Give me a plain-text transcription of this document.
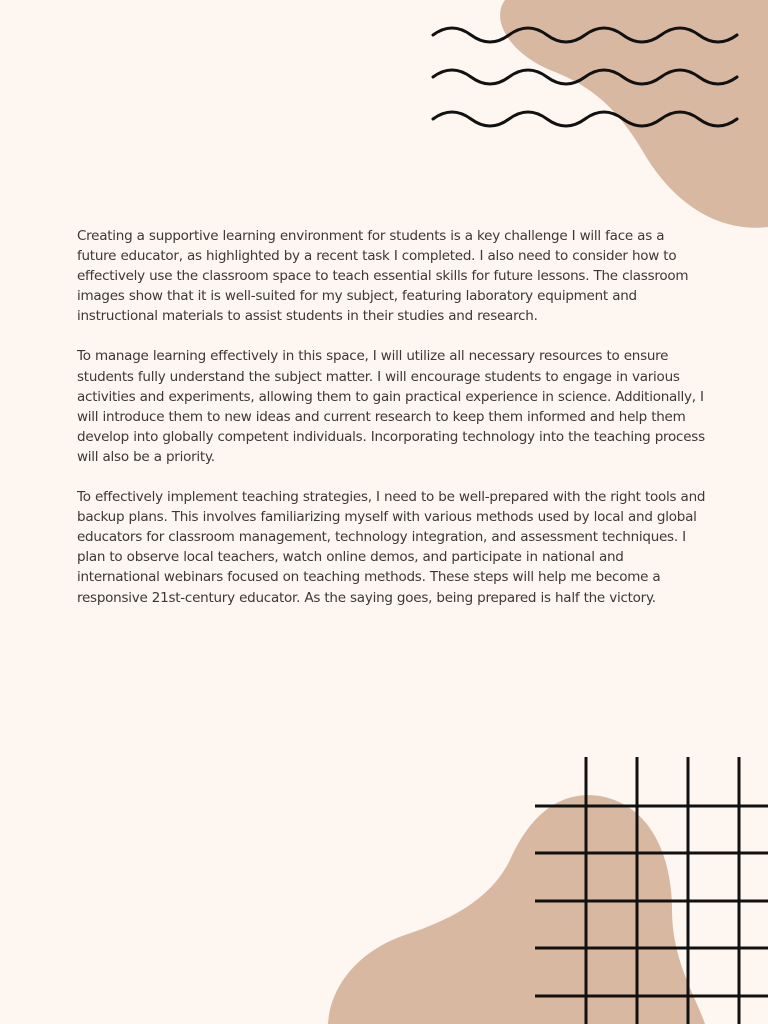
Creating a supportive learning environment for students is a key challenge I will face as a future educator, as highlighted by a recent task I completed. I also need to consider how to effectively use the classroom space to teach essential skills for future lessons. The classroom images show that it is well-suited for my subject, featuring laboratory equipment and instructional materials to assist students in their studies and research.

To manage learning effectively in this space, I will utilize all necessary resources to ensure students fully understand the subject matter. I will encourage students to engage in various activities and experiments, allowing them to gain practical experience in science. Additionally, I will introduce them to new ideas and current research to keep them informed and help them develop into globally competent individuals. Incorporating technology into the teaching process will also be a priority.

To effectively implement teaching strategies, I need to be well-prepared with the right tools and backup plans. This involves familiarizing myself with various methods used by local and global educators for classroom management, technology integration, and assessment techniques. I plan to observe local teachers, watch online demos, and participate in national and international webinars focused on teaching methods. These steps will help me become a responsive 21st-century educator. As the saying goes, being prepared is half the victory.
